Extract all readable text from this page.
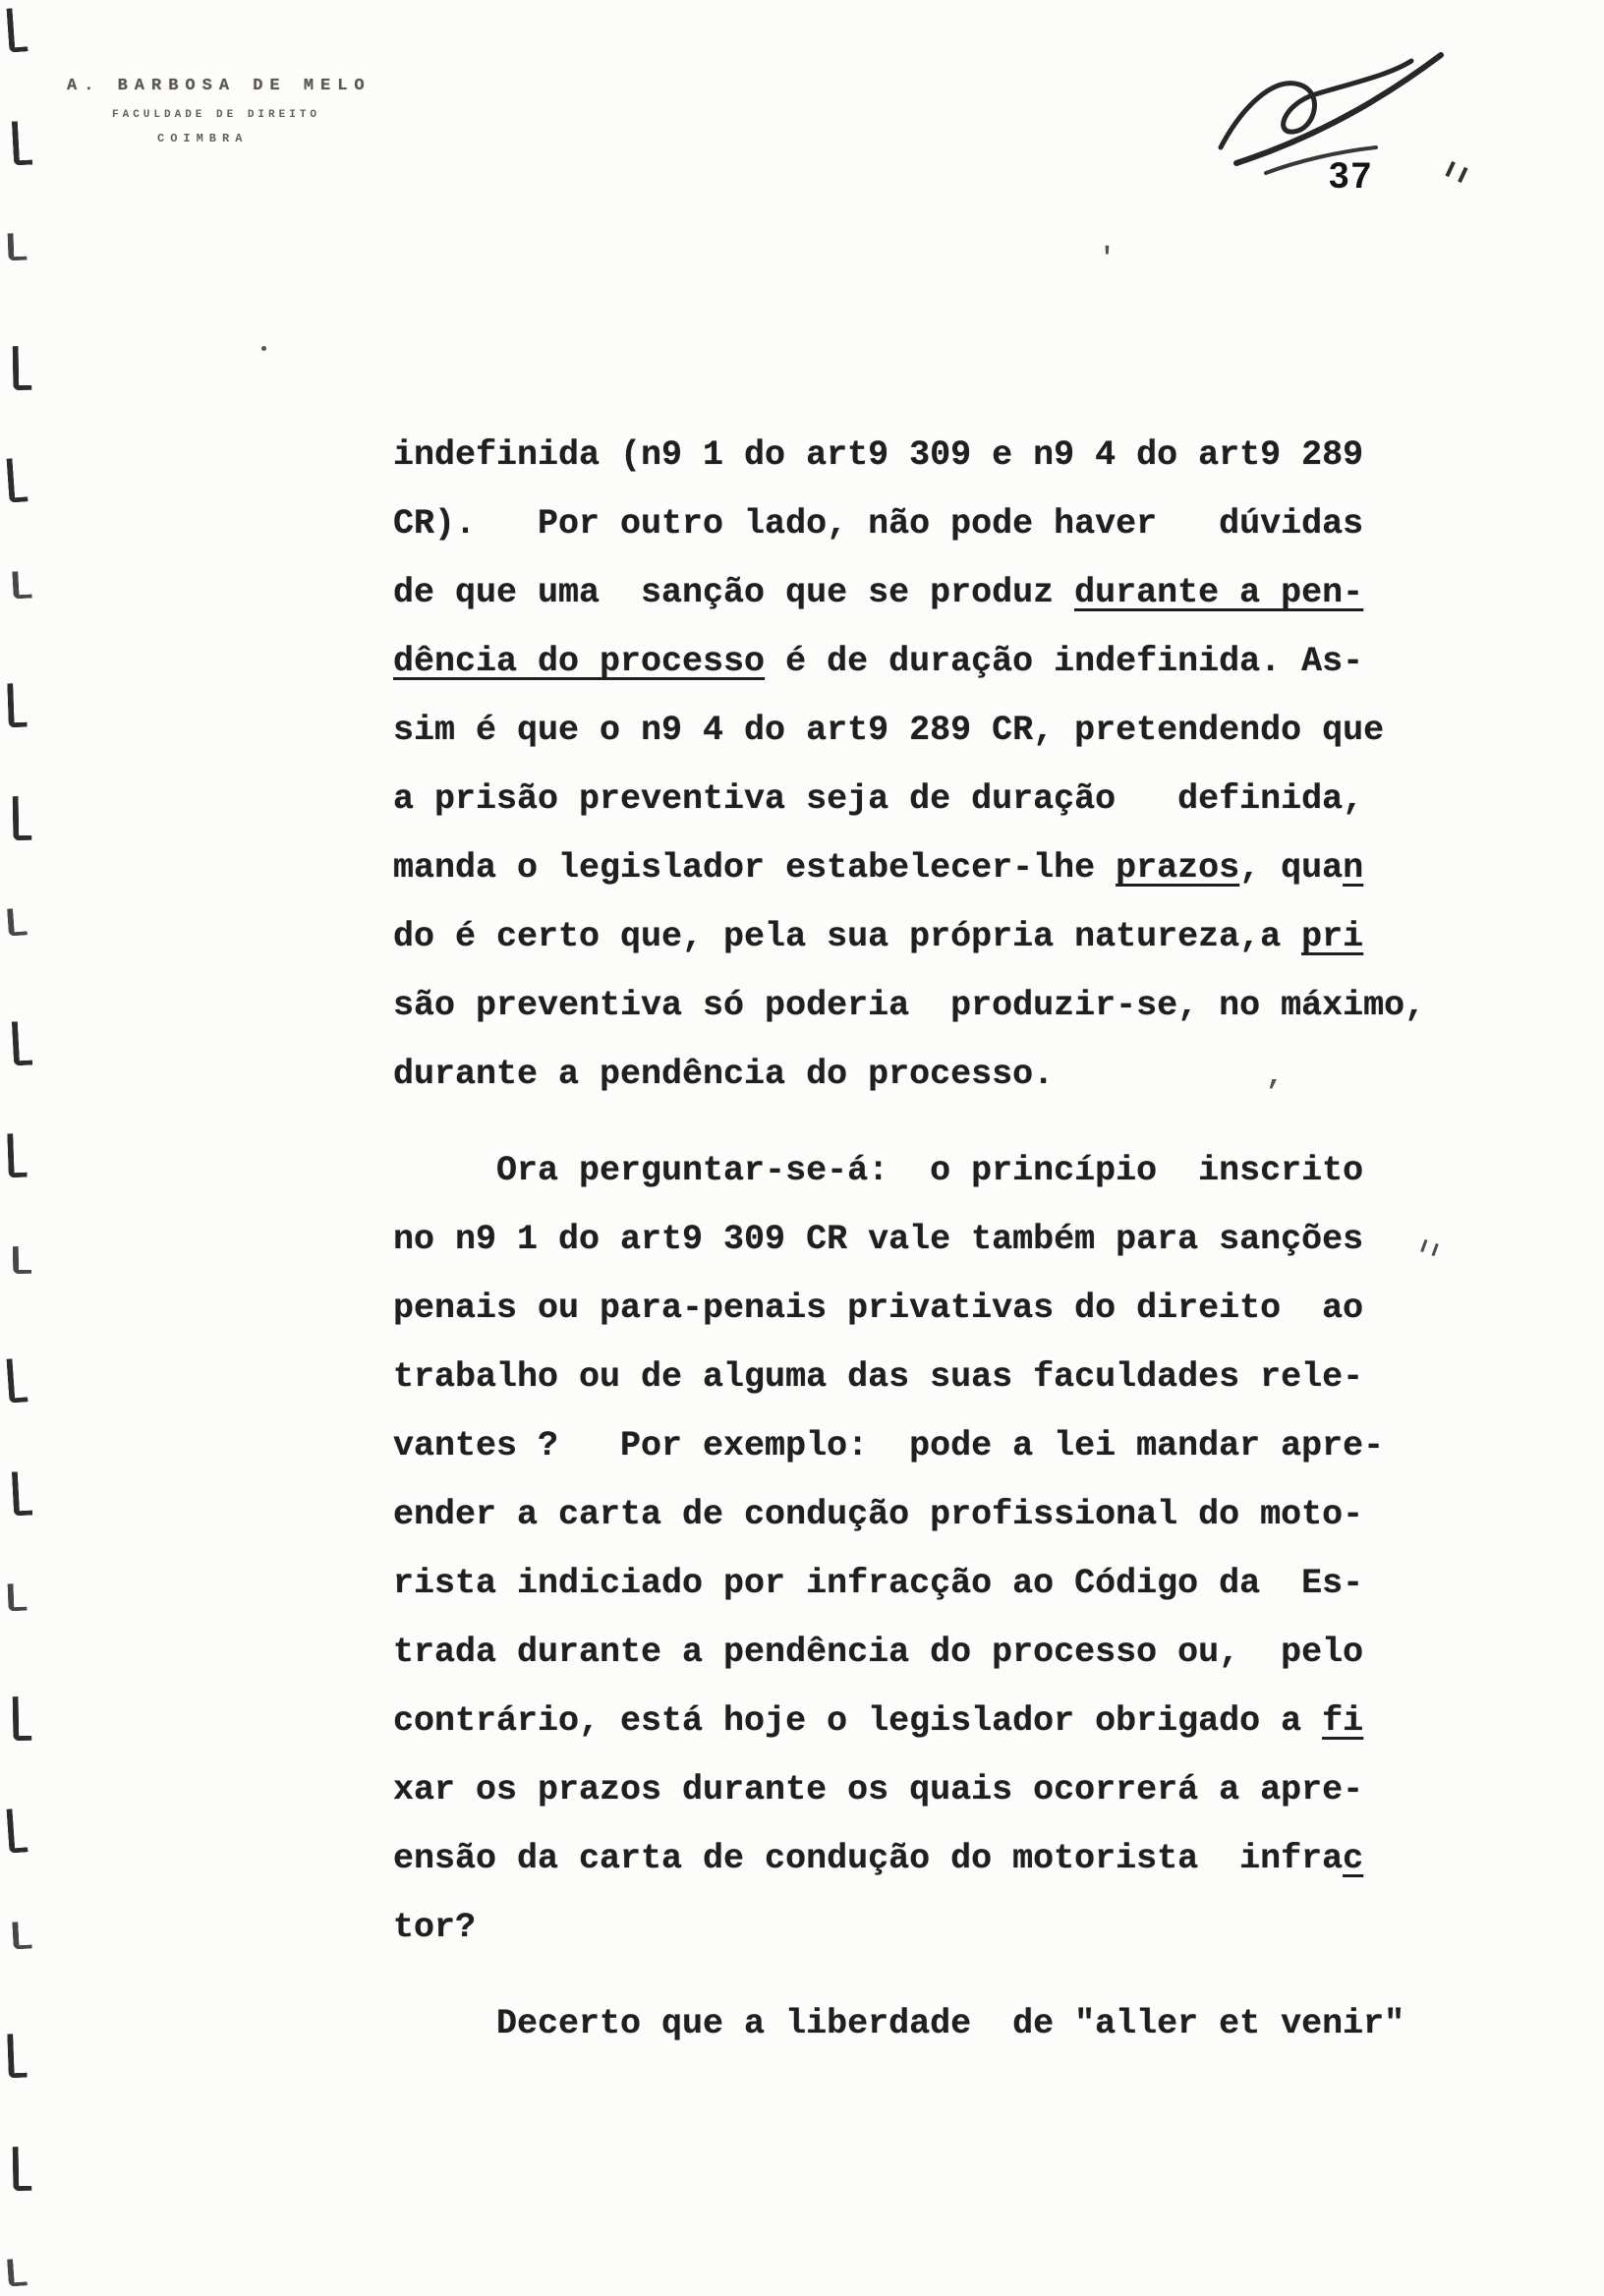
A. BARBOSA DE MELO
FACULDADE DE DIREITO
COIMBRA
37
indefinida (n9 1 do art9 309 e n9 4 do art9 289
CR).   Por outro lado, não pode haver   dúvidas
de que uma  sanção que se produz durante a pen-
dência do processo é de duração indefinida. As-
sim é que o n9 4 do art9 289 CR, pretendendo que
a prisão preventiva seja de duração   definida,
manda o legislador estabelecer-lhe prazos, quan
do é certo que, pela sua própria natureza,a pri
são preventiva só poderia  produzir-se, no máximo,
durante a pendência do processo.
Ora perguntar-se-á:  o princípio  inscrito
no n9 1 do art9 309 CR vale também para sanções
penais ou para-penais privativas do direito  ao
trabalho ou de alguma das suas faculdades rele-
vantes ?   Por exemplo:  pode a lei mandar apre-
ender a carta de condução profissional do moto-
rista indiciado por infracção ao Código da  Es-
trada durante a pendência do processo ou,  pelo
contrário, está hoje o legislador obrigado a fi
xar os prazos durante os quais ocorrerá a apre-
ensão da carta de condução do motorista  infrac
tor?
Decerto que a liberdade  de "aller et venir"
'
,
